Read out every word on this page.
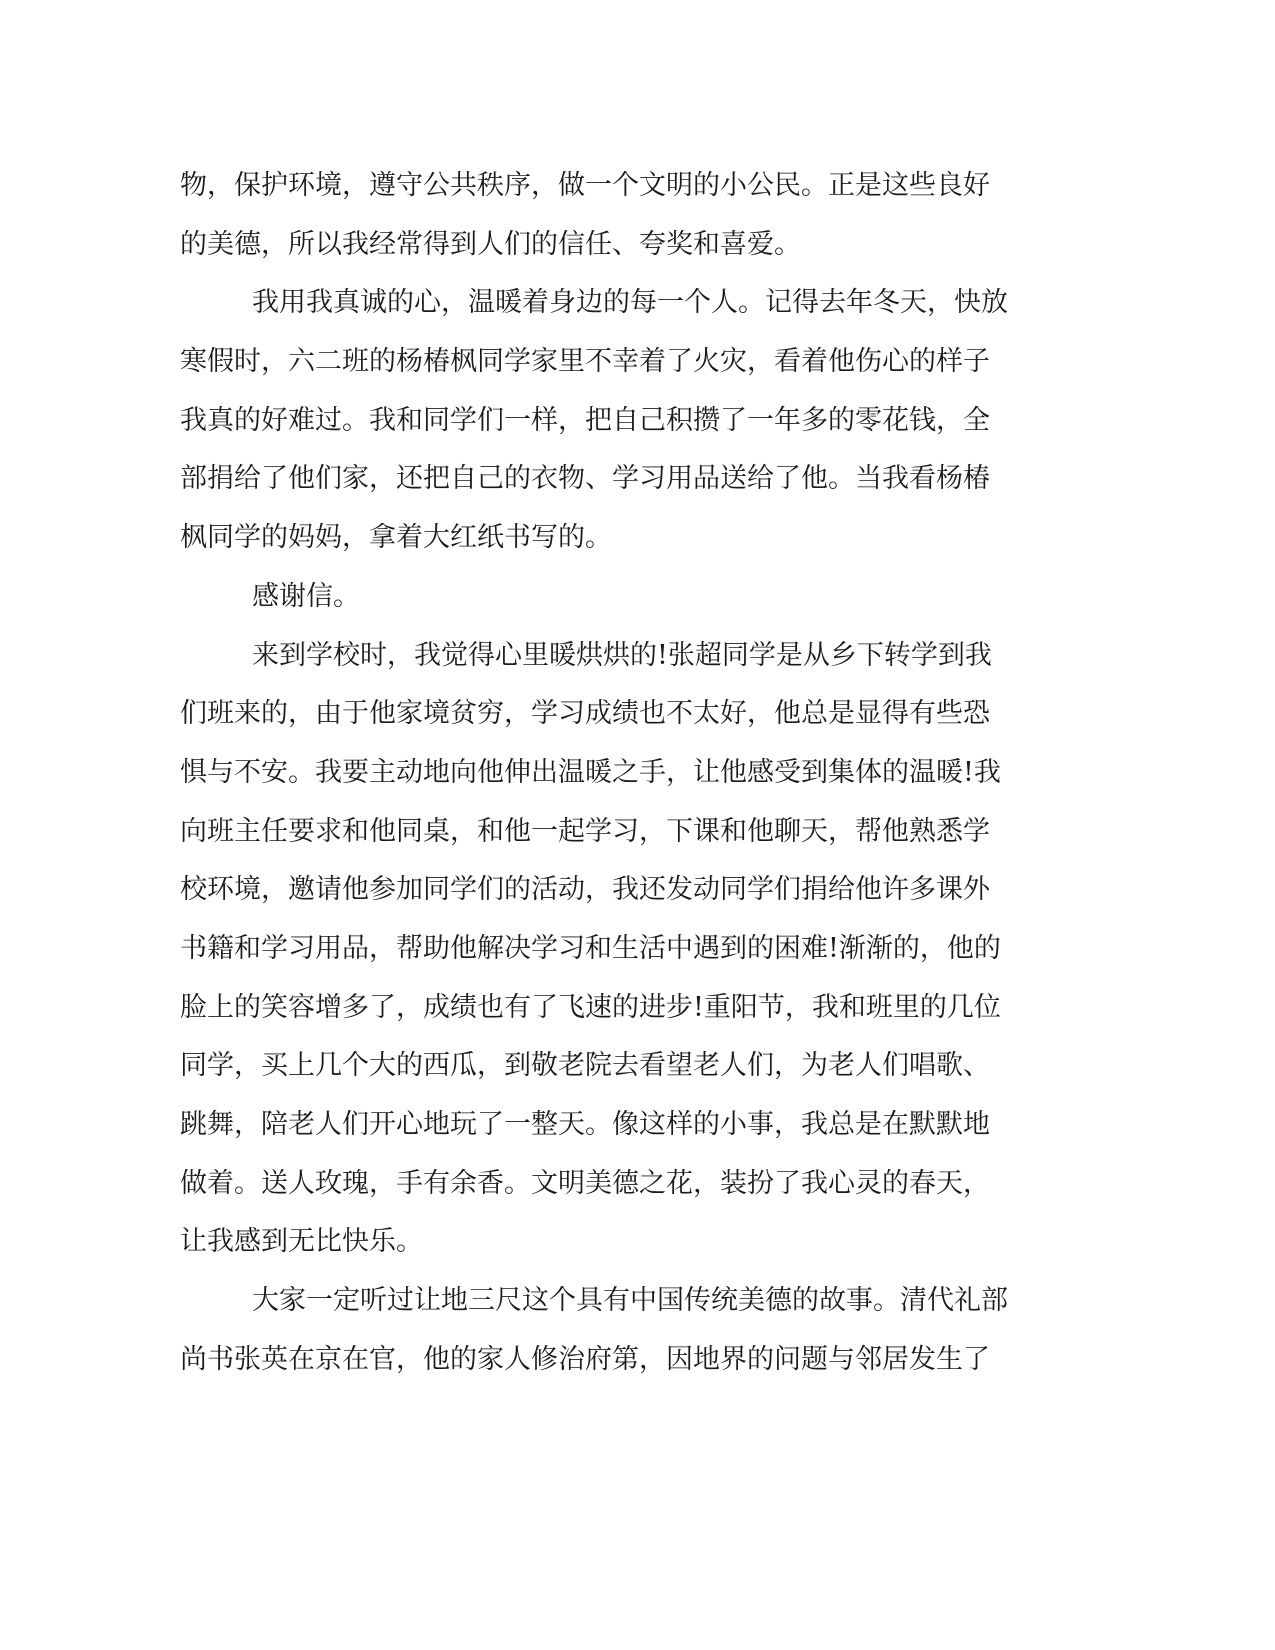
物，保护环境，遵守公共秩序，做一个文明的小公民。正是这些良好
的美德，所以我经常得到人们的信任、夸奖和喜爱。
我用我真诚的心，温暖着身边的每一个人。记得去年冬天，快放
寒假时，六二班的杨椿枫同学家里不幸着了火灾，看着他伤心的样子
我真的好难过。我和同学们一样，把自己积攒了一年多的零花钱，全
部捐给了他们家，还把自己的衣物、学习用品送给了他。当我看杨椿
枫同学的妈妈，拿着大红纸书写的。
感谢信。
来到学校时，我觉得心里暖烘烘的!张超同学是从乡下转学到我
们班来的，由于他家境贫穷，学习成绩也不太好，他总是显得有些恐
惧与不安。我要主动地向他伸出温暖之手，让他感受到集体的温暖!我
向班主任要求和他同桌，和他一起学习，下课和他聊天，帮他熟悉学
校环境，邀请他参加同学们的活动，我还发动同学们捐给他许多课外
书籍和学习用品，帮助他解决学习和生活中遇到的困难!渐渐的，他的
脸上的笑容增多了，成绩也有了飞速的进步!重阳节，我和班里的几位
同学，买上几个大的西瓜，到敬老院去看望老人们，为老人们唱歌、
跳舞，陪老人们开心地玩了一整天。像这样的小事，我总是在默默地
做着。送人玫瑰，手有余香。文明美德之花，装扮了我心灵的春天，
让我感到无比快乐。
大家一定听过让地三尺这个具有中国传统美德的故事。清代礼部
尚书张英在京在官，他的家人修治府第，因地界的问题与邻居发生了
